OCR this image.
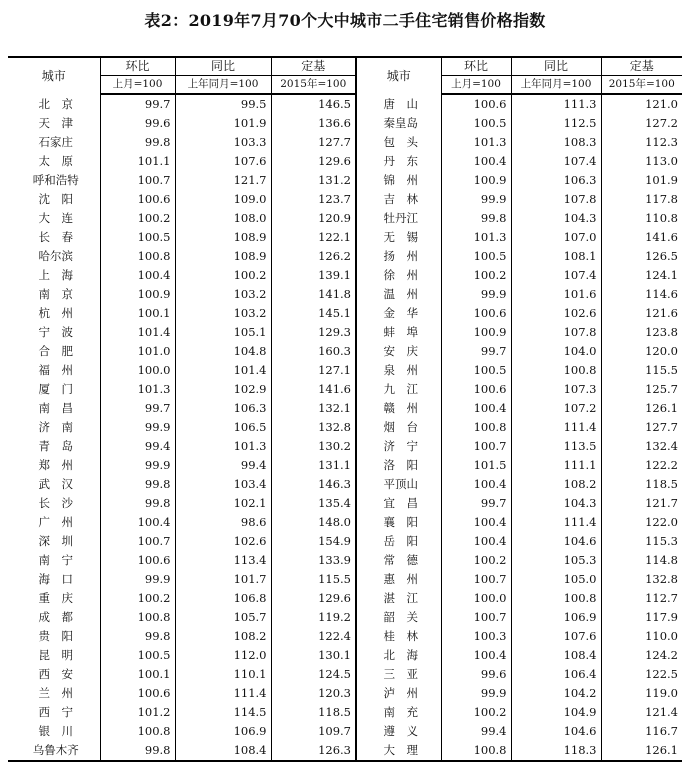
表2：2019年7月70个大中城市二手住宅销售价格指数
城市	环比	同比	定基	城市	环比	同比	定基
	上月=100	上年同月=100	2015年=100		上月=100	上年同月=100	2015年=100
北　京	99.7	99.5	146.5	唐　山	100.6	111.3	121.0
天　津	99.6	101.9	136.6	秦皇岛	100.5	112.5	127.2
石家庄	99.8	103.3	127.7	包　头	101.3	108.3	112.3
太　原	101.1	107.6	129.6	丹　东	100.4	107.4	113.0
呼和浩特	100.7	121.7	131.2	锦　州	100.9	106.3	101.9
沈　阳	100.6	109.0	123.7	吉　林	99.9	107.8	117.8
大　连	100.2	108.0	120.9	牡丹江	99.8	104.3	110.8
长　春	100.5	108.9	122.1	无　锡	101.3	107.0	141.6
哈尔滨	100.8	108.9	126.2	扬　州	100.5	108.1	126.5
上　海	100.4	100.2	139.1	徐　州	100.2	107.4	124.1
南　京	100.9	103.2	141.8	温　州	99.9	101.6	114.6
杭　州	100.1	103.2	145.1	金　华	100.6	102.6	121.6
宁　波	101.4	105.1	129.3	蚌　埠	100.9	107.8	123.8
合　肥	101.0	104.8	160.3	安　庆	99.7	104.0	120.0
福　州	100.0	101.4	127.1	泉　州	100.5	100.8	115.5
厦　门	101.3	102.9	141.6	九　江	100.6	107.3	125.7
南　昌	99.7	106.3	132.1	赣　州	100.4	107.2	126.1
济　南	99.9	106.5	132.8	烟　台	100.8	111.4	127.7
青　岛	99.4	101.3	130.2	济　宁	100.7	113.5	132.4
郑　州	99.9	99.4	131.1	洛　阳	101.5	111.1	122.2
武　汉	99.8	103.4	146.3	平顶山	100.4	108.2	118.5
长　沙	99.8	102.1	135.4	宜　昌	99.7	104.3	121.7
广　州	100.4	98.6	148.0	襄　阳	100.4	111.4	122.0
深　圳	100.7	102.6	154.9	岳　阳	100.4	104.6	115.3
南　宁	100.6	113.4	133.9	常　德	100.2	105.3	114.8
海　口	99.9	101.7	115.5	惠　州	100.7	105.0	132.8
重　庆	100.2	106.8	129.6	湛　江	100.0	100.8	112.7
成　都	100.8	105.7	119.2	韶　关	100.7	106.9	117.9
贵　阳	99.8	108.2	122.4	桂　林	100.3	107.6	110.0
昆　明	100.5	112.0	130.1	北　海	100.4	108.4	124.2
西　安	100.1	110.1	124.5	三　亚	99.6	106.4	122.5
兰　州	100.6	111.4	120.3	泸　州	99.9	104.2	119.0
西　宁	101.2	114.5	118.5	南　充	100.2	104.9	121.4
银　川	100.8	106.9	109.7	遵　义	99.4	104.6	116.7
乌鲁木齐	99.8	108.4	126.3	大　理	100.8	118.3	126.1
